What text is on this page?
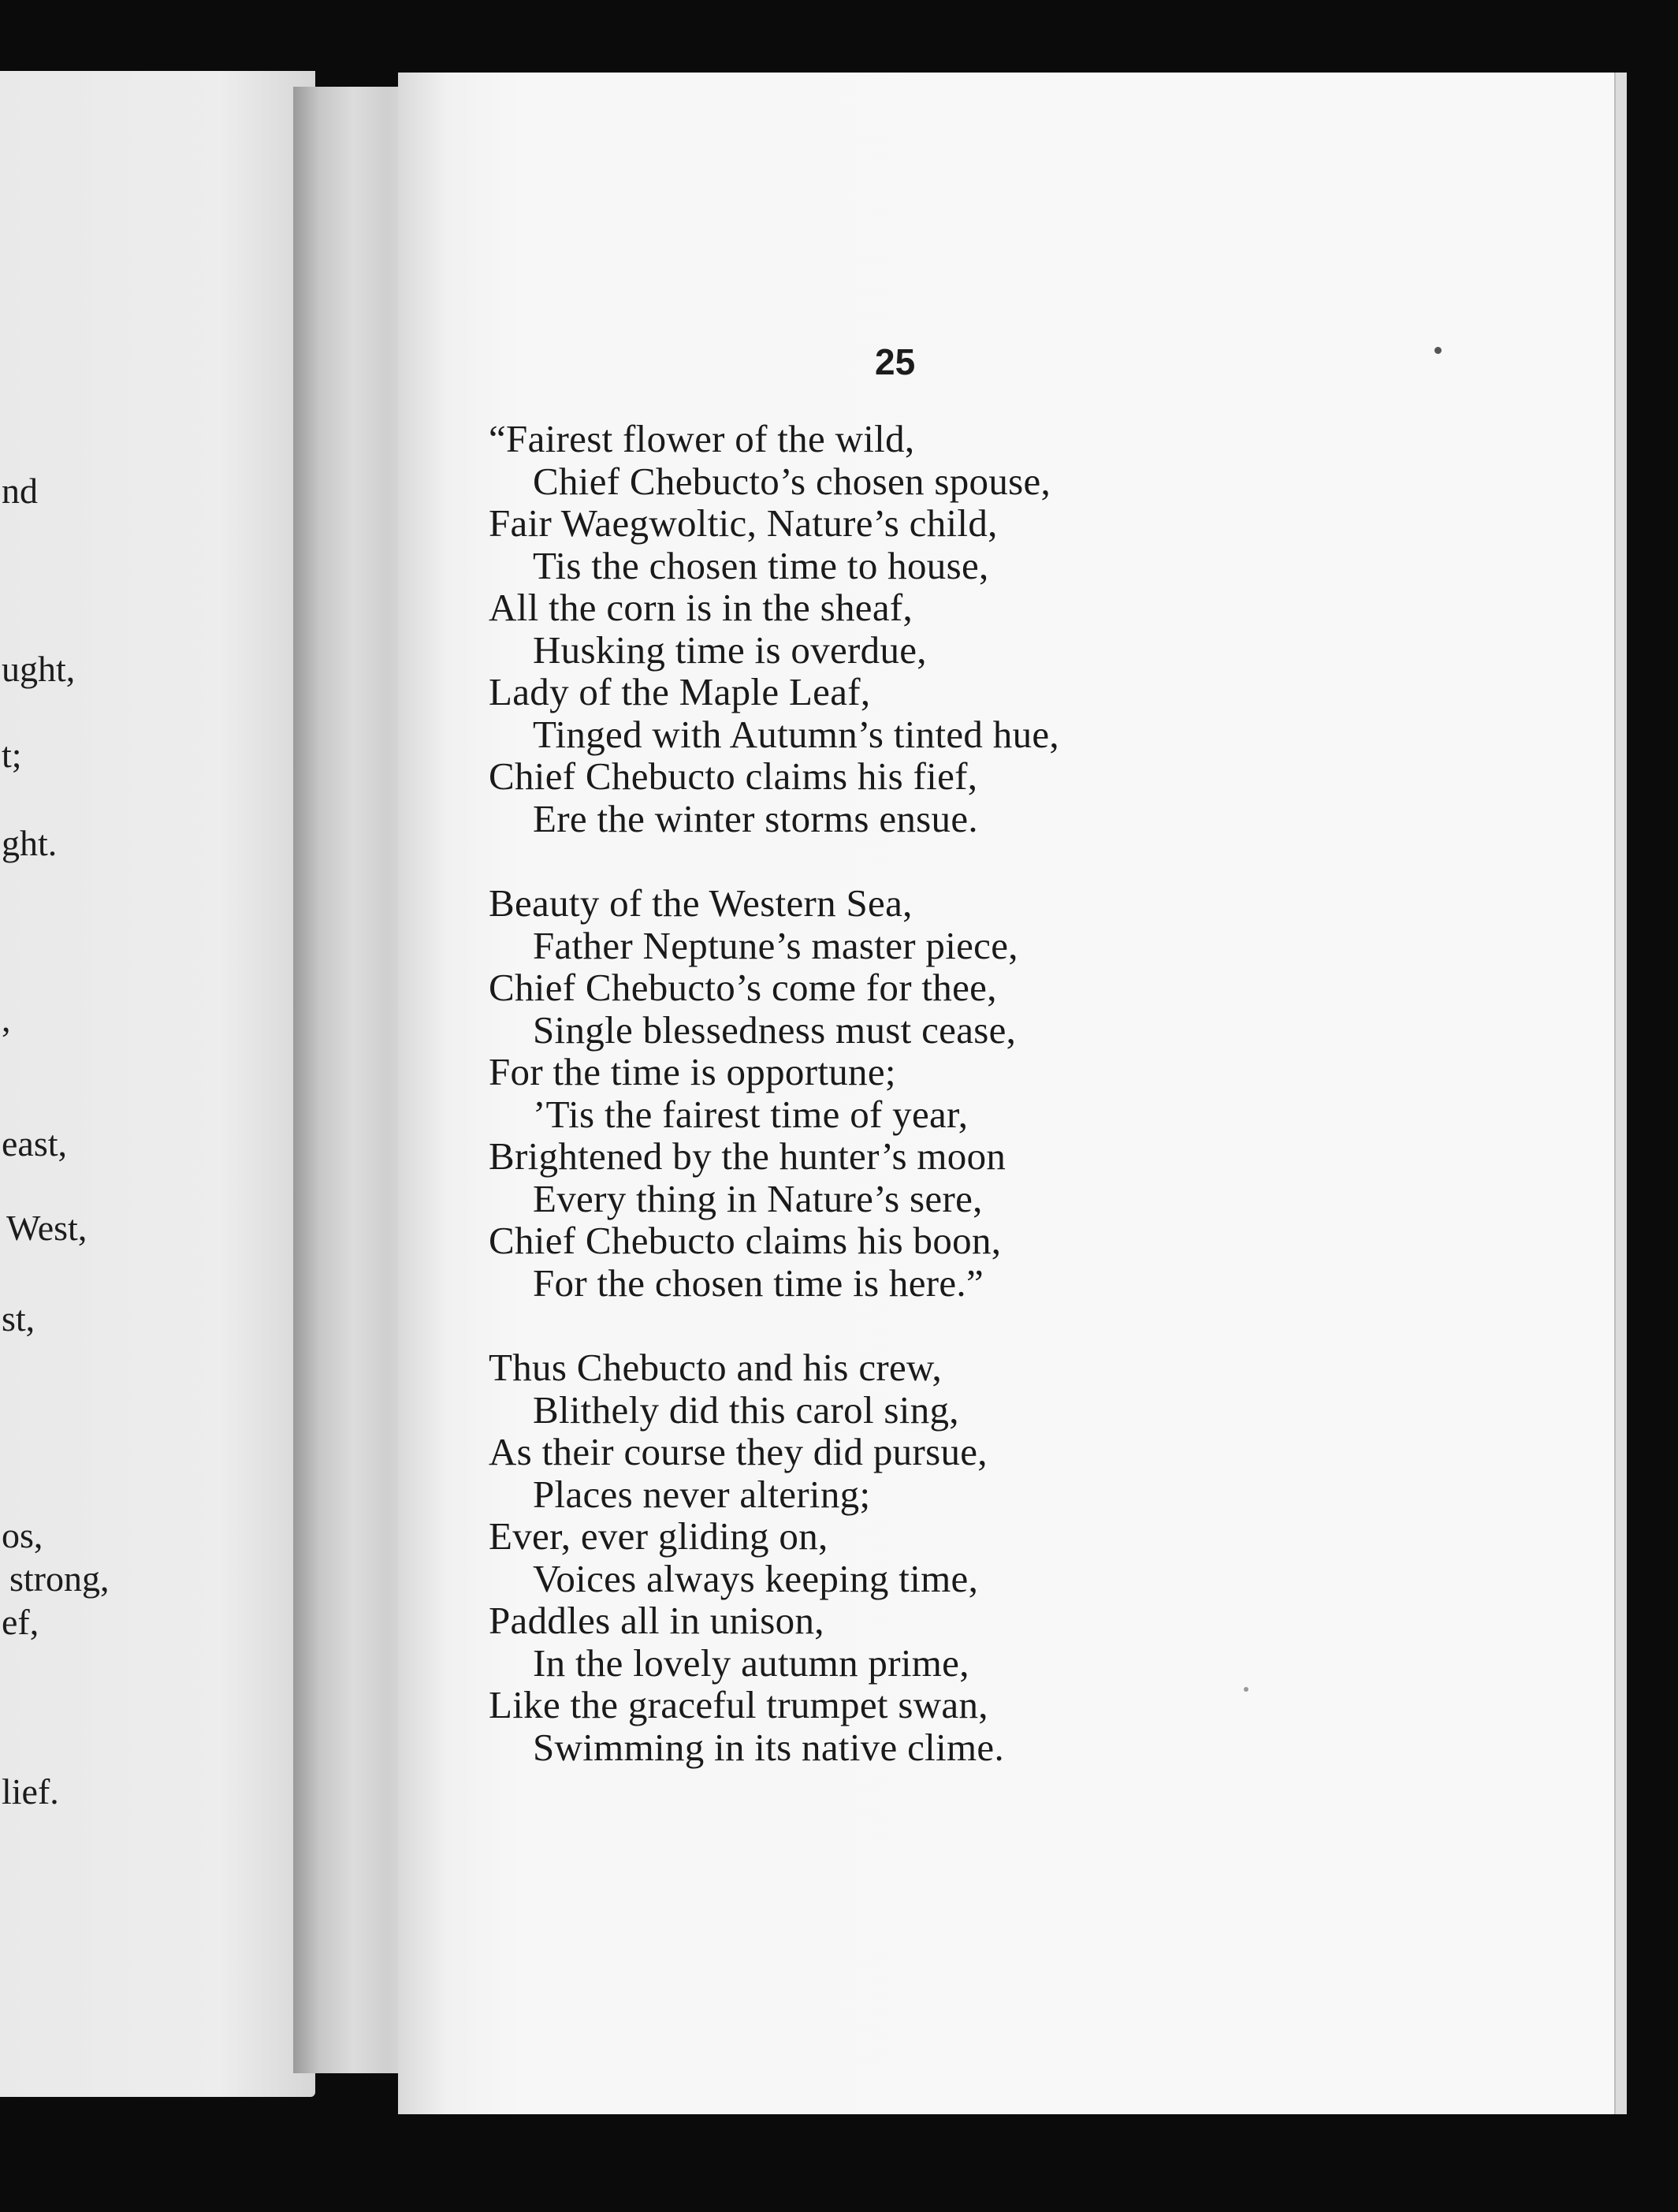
nd

ught,

t;

ght.

,

east,

West,

st,

os,

strong,

ef,

lief.

25

“Fairest flower of the wild,
Chief Chebucto’s chosen spouse,
Fair Waegwoltic, Nature’s child,
Tis the chosen time to house,
All the corn is in the sheaf,
Husking time is overdue,
Lady of the Maple Leaf,
Tinged with Autumn’s tinted hue,
Chief Chebucto claims his fief,
Ere the winter storms ensue.
Beauty of the Western Sea,
Father Neptune’s master piece,
Chief Chebucto’s come for thee,
Single blessedness must cease,
For the time is opportune;
’Tis the fairest time of year,
Brightened by the hunter’s moon
Every thing in Nature’s sere,
Chief Chebucto claims his boon,
For the chosen time is here.”
Thus Chebucto and his crew,
Blithely did this carol sing,
As their course they did pursue,
Places never altering;
Ever, ever gliding on,
Voices always keeping time,
Paddles all in unison,
In the lovely autumn prime,
Like the graceful trumpet swan,
Swimming in its native clime.
